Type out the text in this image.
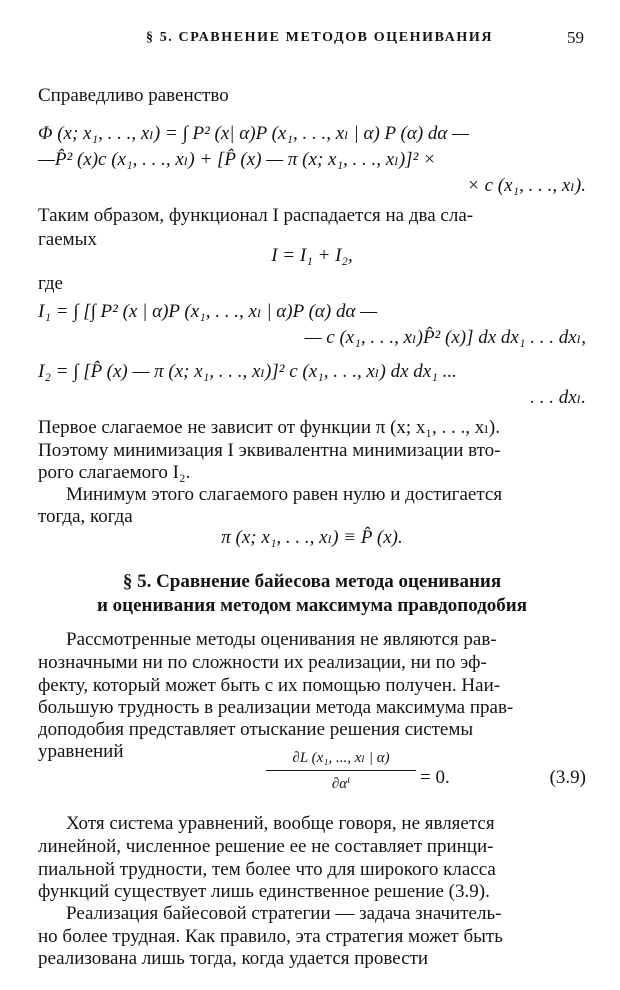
§ 5. СРАВНЕНИЕ МЕТОДОВ ОЦЕНИВАНИЯ	59
Справедливо равенство
Φ (x; x₁, . . ., xₗ) = ∫ P² (x| α)P (x₁, . . ., xₗ | α) P (α) dα —
—P̂² (x)c (x₁, . . ., xₗ) + [P̂ (x) — π (x; x₁, . . ., xₗ)]² ×
× c (x₁, . . ., xₗ).
Таким образом, функционал I распадается на два сла-
гаемых
I = I₁ + I₂,
где
I₁ = ∫ [∫ P² (x | α)P (x₁, . . ., xₗ | α)P (α) dα —
— c (x₁, . . ., xₗ)P̂² (x)] dx dx₁ . . . dxₗ,
I₂ = ∫ [P̂ (x) — π (x; x₁, . . ., xₗ)]² c (x₁, . . ., xₗ) dx dx₁ ...
. . . dxₗ.
Первое слагаемое не зависит от функции π (x; x₁, . . ., xₗ).
Поэтому минимизация I эквивалентна минимизации вто-
рого слагаемого I₂.
Минимум этого слагаемого равен нулю и достигается
тогда, когда
π (x; x₁, . . ., xₗ) ≡ P̂ (x).
§ 5. Сравнение байесова метода оценивания
и оценивания методом максимума правдоподобия
Рассмотренные методы оценивания не являются рав-
нозначными ни по сложности их реализации, ни по эф-
фекту, который может быть с их помощью получен. Наи-
большую трудность в реализации метода максимума прав-
доподобия представляет отыскание решения системы
уравнений	$\frac{\text{∂L (x₁, ..., xₗ | α)}}{\text{∂αⁱ}} = 0$.	(3.9)
Хотя система уравнений, вообще говоря, не является
линейной, численное решение ее не составляет принци-
пиальной трудности, тем более что для широкого класса
функций существует лишь единственное решение (3.9).
Реализация байесовой стратегии — задача значитель-
но более трудная. Как правило, эта стратегия может быть
реализована лишь тогда, когда удается провести
